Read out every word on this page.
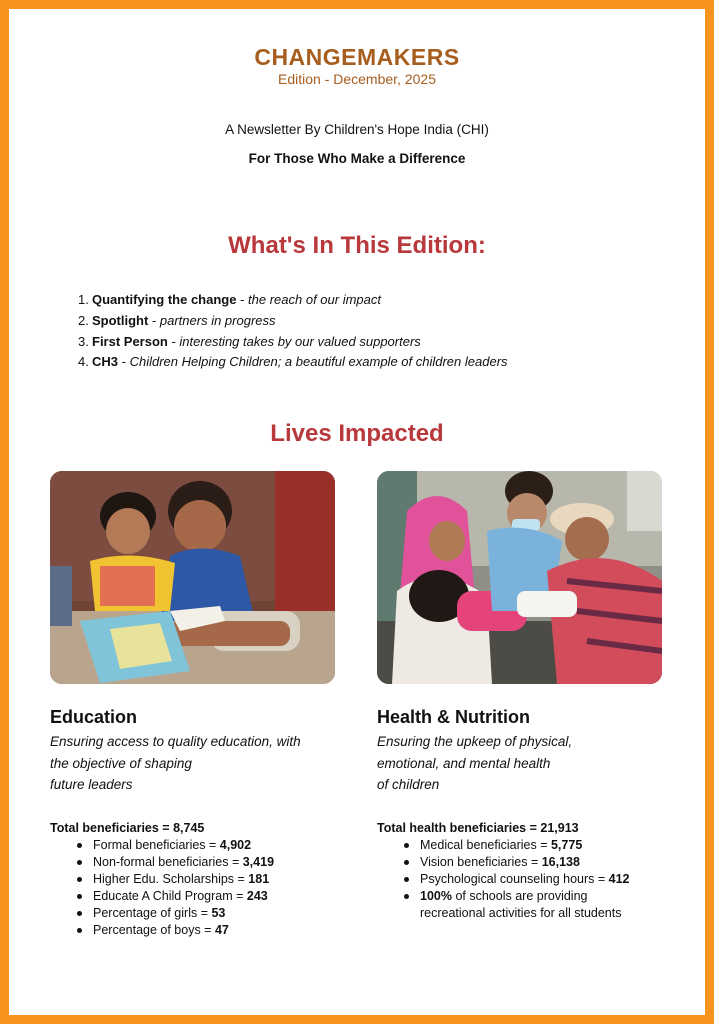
CHANGEMAKERS
Edition - December, 2025
A Newsletter By Children's Hope India (CHI)
For Those Who Make a Difference
What's In This Edition:
1. Quantifying the change - the reach of our impact
2. Spotlight - partners in progress
3. First Person - interesting takes by our valued supporters
4. CH3 - Children Helping Children; a beautiful example of children leaders
Lives Impacted
Education
Ensuring access to quality education, with
the objective of shaping
future leaders
Total beneficiaries = 8,745
Formal beneficiaries = 4,902
Non-formal beneficiaries = 3,419
Higher Edu. Scholarships = 181
Educate A Child Program = 243
Percentage of girls = 53
Percentage of boys = 47
Health & Nutrition
Ensuring the upkeep of physical,
emotional, and mental health
of children
Total health beneficiaries = 21,913
Medical beneficiaries = 5,775
Vision beneficiaries = 16,138
Psychological counseling hours = 412
100% of schools are providing
recreational activities for all students
